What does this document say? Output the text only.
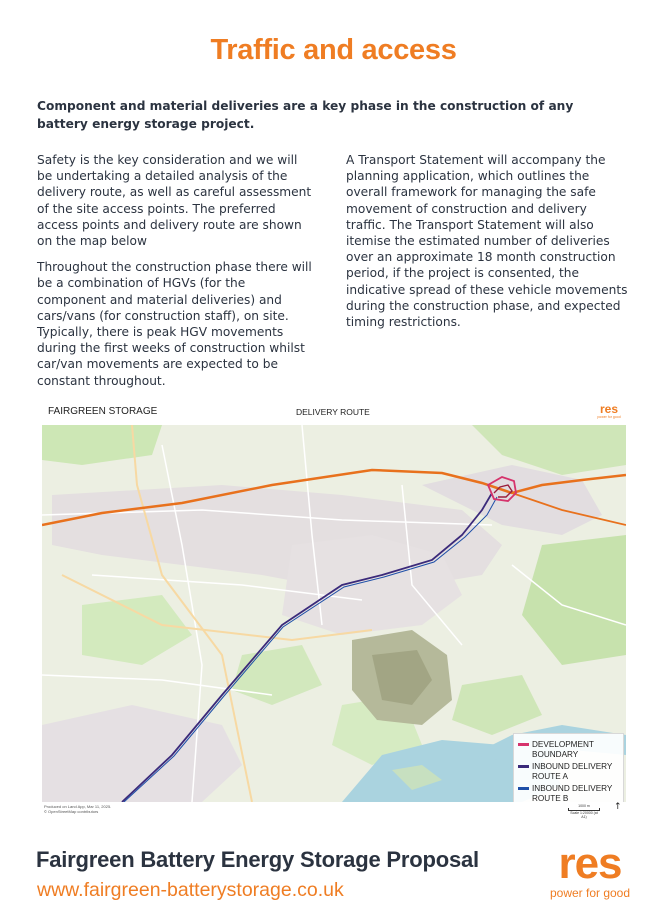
Traffic and access
Component and material deliveries are a key phase in the construction of any battery energy storage project.

Safety is the key consideration and we will be undertaking a detailed analysis of the delivery route, as well as careful assessment of the site access points. The preferred access points and delivery route are shown on the map below

Throughout the construction phase there will be a combination of HGVs (for the component and material deliveries) and cars/vans (for construction staff), on site. Typically, there is peak HGV movements during the first weeks of construction whilst car/van movements are expected to be constant throughout.

A Transport Statement will accompany the planning application, which outlines the overall framework for managing the safe movement of construction and delivery traffic. The Transport Statement will also itemise the estimated number of deliveries over an approximate 18 month construction period, if the project is consented, the indicative spread of these vehicle movements during the construction phase, and expected timing restrictions.

FAIRGREEN STORAGE	DELIVERY ROUTE	res
power for good
DEVELOPMENT BOUNDARY
INBOUND DELIVERY ROUTE A
INBOUND DELIVERY ROUTE B
Produced on Land App, Mar 11, 2025.
© OpenStreetMap contributors
1000 m
Scale 1:20000 (at A1)
↑
Fairgreen Battery Energy Storage Proposal
www.fairgreen-batterystorage.co.uk
res
power for good
